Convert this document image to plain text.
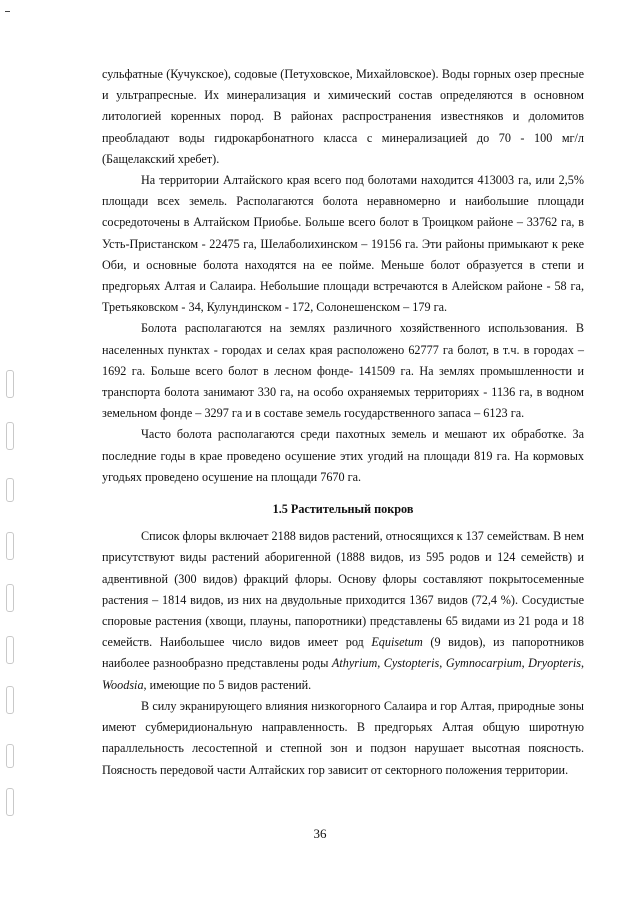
сульфатные (Кучукское), содовые (Петуховское, Михайловское). Воды горных озер пресные и ультрапресные. Их минерализация и химический состав определяются в основном литологией коренных пород. В районах распространения известняков и доломитов преобладают воды гидрокарбонатного класса с минерализацией до 70 - 100 мг/л (Бащелакский хребет).

На территории Алтайского края всего под болотами находится 413003 га, или 2,5% площади всех земель. Располагаются болота неравномерно и наибольшие площади сосредоточены в Алтайском Приобье. Больше всего болот в Троицком районе – 33762 га, в Усть-Пристанском - 22475 га, Шелаболихинском – 19156 га. Эти районы примыкают к реке Оби, и основные болота находятся на ее пойме. Меньше болот образуется в степи и предгорьях Алтая и Салаира. Небольшие площади встречаются в Алейском районе - 58 га, Третьяковском - 34, Кулундинском - 172, Солонешенском – 179 га.

Болота располагаются на землях различного хозяйственного использования. В населенных пунктах - городах и селах края расположено 62777 га болот, в т.ч. в городах – 1692 га. Больше всего болот в лесном фонде- 141509 га. На землях промышленности и транспорта болота занимают 330 га, на особо охраняемых территориях - 1136 га, в водном земельном фонде – 3297 га и в составе земель государственного запаса – 6123 га.

Часто болота располагаются среди пахотных земель и мешают их обработке. За последние годы в крае проведено осушение этих угодий на площади 819 га. На кормовых угодьях проведено осушение на площади 7670 га.

1.5 Растительный покров

Список флоры включает 2188 видов растений, относящихся к 137 семействам. В нем присутствуют виды растений аборигенной (1888 видов, из 595 родов и 124 семейств) и адвентивной (300 видов) фракций флоры. Основу флоры составляют покрытосеменные растения – 1814 видов, из них на двудольные приходится 1367 видов (72,4 %). Сосудистые споровые растения (хвощи, плауны, папоротники) представлены 65 видами из 21 рода и 18 семейств. Наибольшее число видов имеет род Equisetum (9 видов), из папоротников наиболее разнообразно представлены роды Athyrium, Cystopteris, Gymnocarpium, Dryopteris, Woodsia, имеющие по 5 видов растений.

В силу экранирующего влияния низкогорного Салаира и гор Алтая, природные зоны имеют субмеридиональную направленность. В предгорьях Алтая общую широтную параллельность лесостепной и степной зон и подзон нарушает высотная поясность. Поясность передовой части Алтайских гор зависит от секторного положения территории.

36
